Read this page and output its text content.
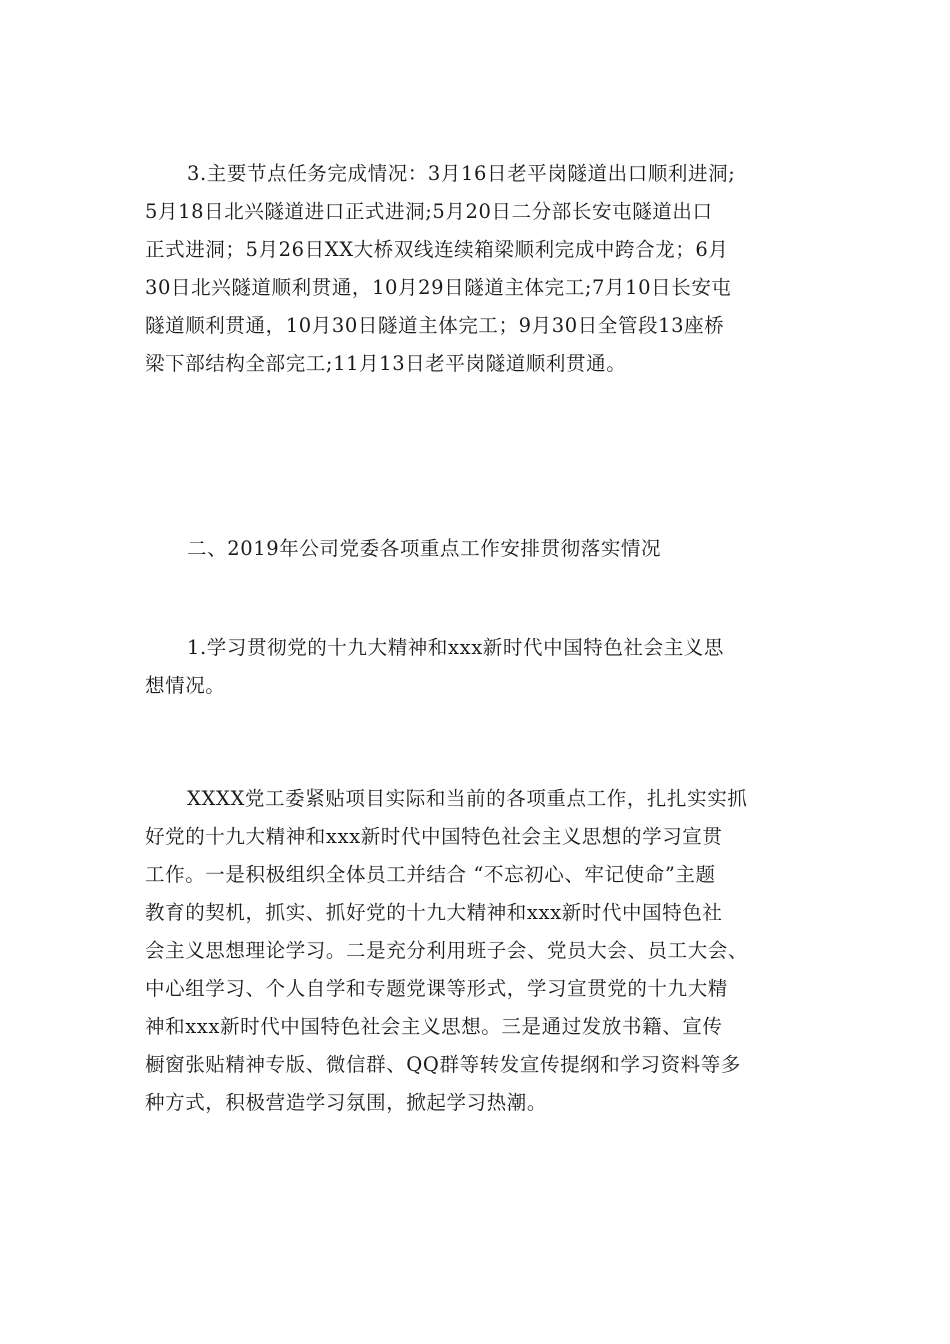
3.主要节点任务完成情况：3月16日老平岗隧道出口顺利进洞;
5月18日北兴隧道进口正式进洞;5月20日二分部长安屯隧道出口
正式进洞；5月26日XX大桥双线连续箱梁顺利完成中跨合龙；6月
30日北兴隧道顺利贯通，10月29日隧道主体完工;7月10日长安屯
隧道顺利贯通，10月30日隧道主体完工；9月30日全管段13座桥
梁下部结构全部完工;11月13日老平岗隧道顺利贯通。
二、2019年公司党委各项重点工作安排贯彻落实情况
1.学习贯彻党的十九大精神和xxx新时代中国特色社会主义思
想情况。
XXXX党工委紧贴项目实际和当前的各项重点工作，扎扎实实抓
好党的十九大精神和xxx新时代中国特色社会主义思想的学习宣贯
工作。一是积极组织全体员工并结合 “不忘初心、牢记使命”主题
教育的契机，抓实、抓好党的十九大精神和xxx新时代中国特色社
会主义思想理论学习。二是充分利用班子会、党员大会、员工大会、
中心组学习、个人自学和专题党课等形式，学习宣贯党的十九大精
神和xxx新时代中国特色社会主义思想。三是通过发放书籍、宣传
橱窗张贴精神专版、微信群、QQ群等转发宣传提纲和学习资料等多
种方式，积极营造学习氛围，掀起学习热潮。
